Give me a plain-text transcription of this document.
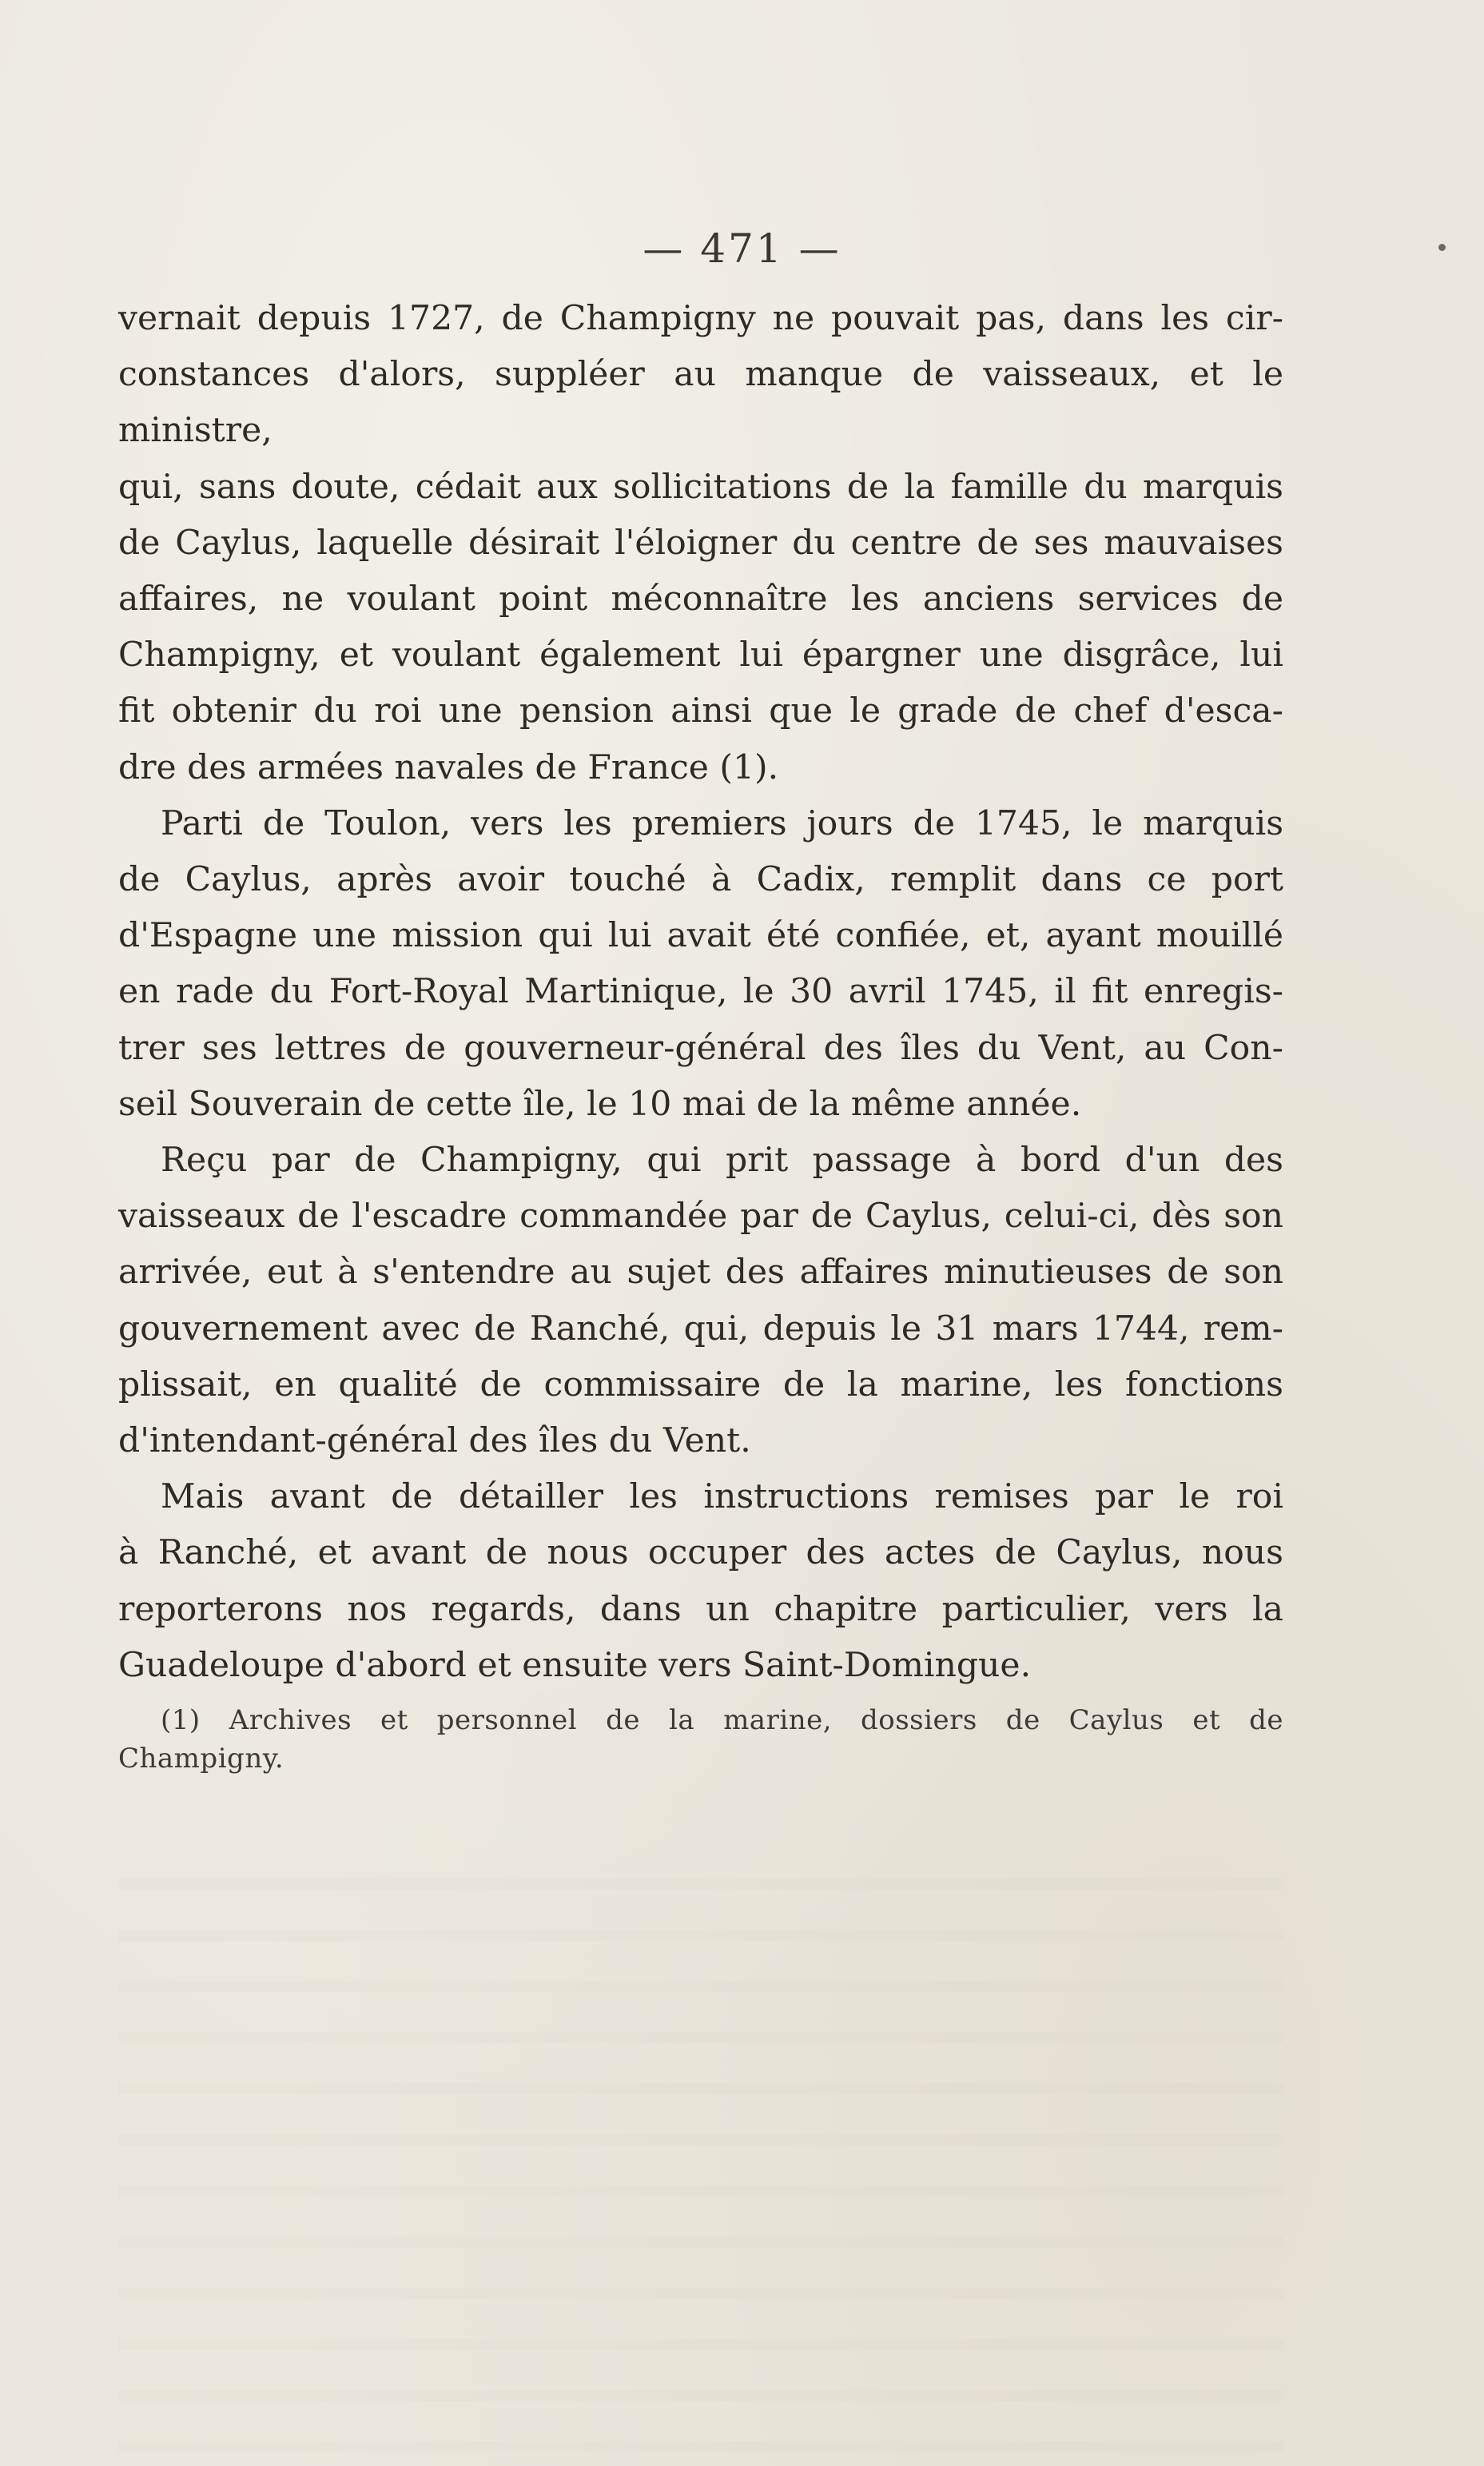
— 471 —
vernait depuis 1727, de Champigny ne pouvait pas, dans les cir-
constances d'alors, suppléer au manque de vaisseaux, et le ministre,
qui, sans doute, cédait aux sollicitations de la famille du marquis
de Caylus, laquelle désirait l'éloigner du centre de ses mauvaises
affaires, ne voulant point méconnaître les anciens services de
Champigny, et voulant également lui épargner une disgrâce, lui
fit obtenir du roi une pension ainsi que le grade de chef d'esca-
dre des armées navales de France (1).
Parti de Toulon, vers les premiers jours de 1745, le marquis
de Caylus, après avoir touché à Cadix, remplit dans ce port
d'Espagne une mission qui lui avait été confiée, et, ayant mouillé
en rade du Fort-Royal Martinique, le 30 avril 1745, il fit enregis-
trer ses lettres de gouverneur-général des îles du Vent, au Con-
seil Souverain de cette île, le 10 mai de la même année.
Reçu par de Champigny, qui prit passage à bord d'un des
vaisseaux de l'escadre commandée par de Caylus, celui-ci, dès son
arrivée, eut à s'entendre au sujet des affaires minutieuses de son
gouvernement avec de Ranché, qui, depuis le 31 mars 1744, rem-
plissait, en qualité de commissaire de la marine, les fonctions
d'intendant-général des îles du Vent.
Mais avant de détailler les instructions remises par le roi
à Ranché, et avant de nous occuper des actes de Caylus, nous
reporterons nos regards, dans un chapitre particulier, vers la
Guadeloupe d'abord et ensuite vers Saint-Domingue.
(1) Archives et personnel de la marine, dossiers de Caylus et de
Champigny.
